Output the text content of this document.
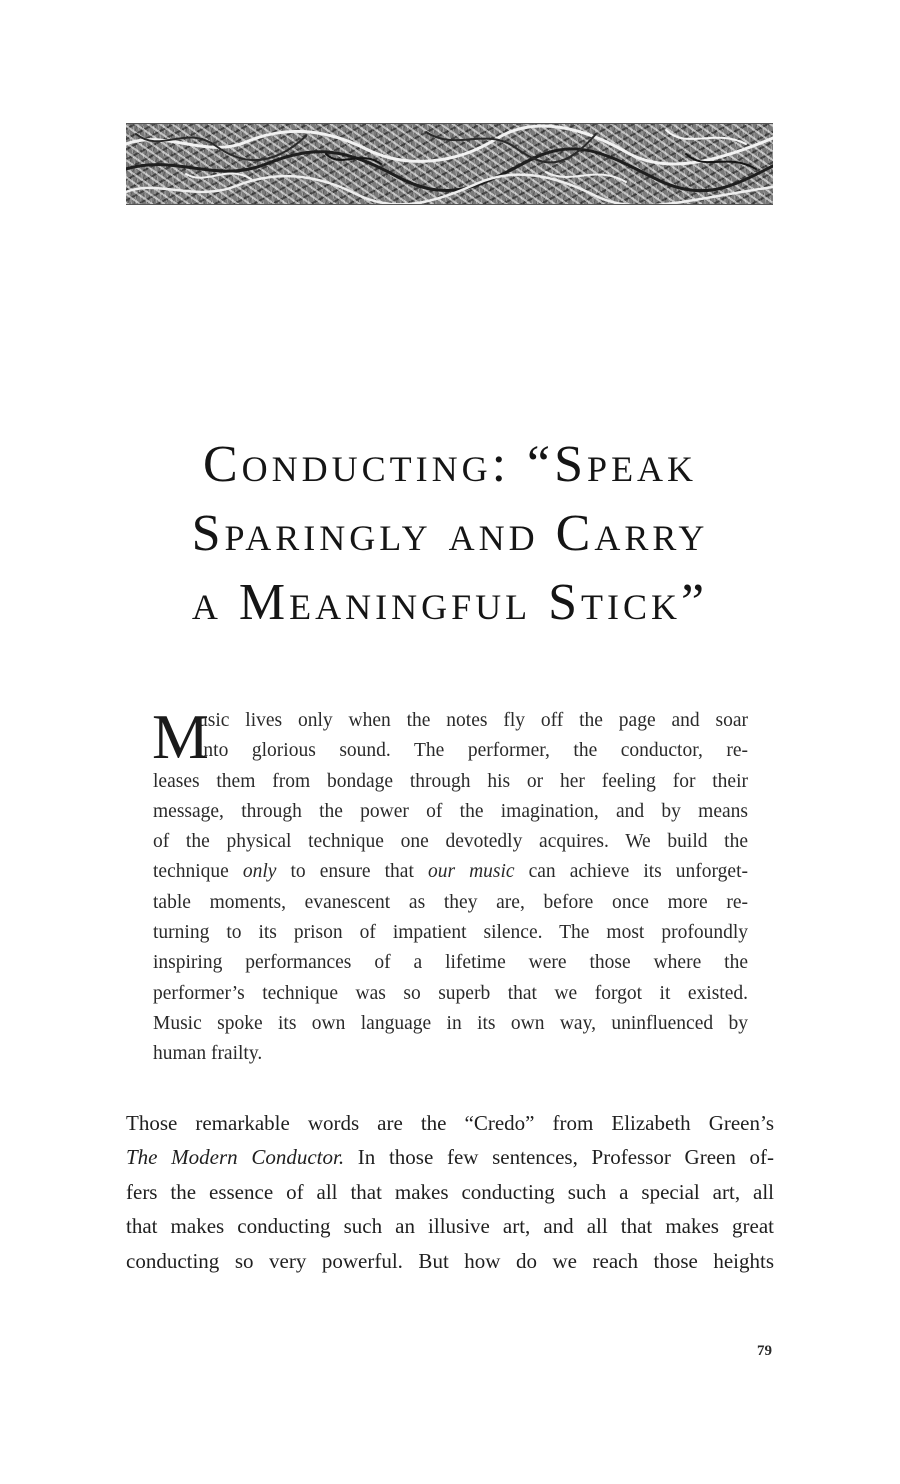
Conducting: “Speak
Sparingly and Carry
a Meaningful Stick”
M
usic lives only when the notes fly off the page and soar
into glorious sound. The performer, the conductor, re-
leases them from bondage through his or her feeling for their
message, through the power of the imagination, and by means
of the physical technique one devotedly acquires. We build the
technique only to ensure that our music can achieve its unforget-
table moments, evanescent as they are, before once more re-
turning to its prison of impatient silence. The most profoundly
inspiring performances of a lifetime were those where the
performer’s technique was so superb that we forgot it existed.
Music spoke its own language in its own way, uninfluenced by
human frailty.
Those remarkable words are the “Credo” from Elizabeth Green’s
The Modern Conductor. In those few sentences, Professor Green of-
fers the essence of all that makes conducting such a special art, all
that makes conducting such an illusive art, and all that makes great
conducting so very powerful. But how do we reach those heights
79
